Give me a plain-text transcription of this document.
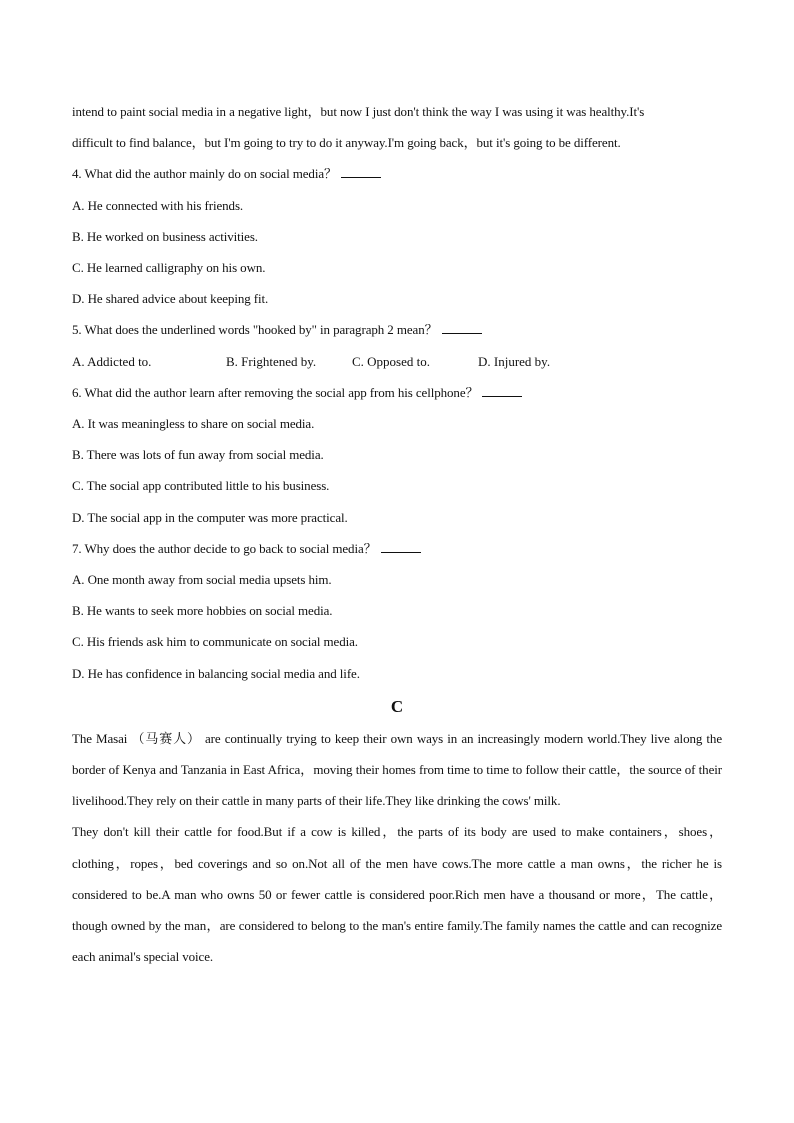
intend to paint social media in a negative light，but now I just don't think the way I was using it was healthy.It's
difficult to find balance，but I'm going to try to do it anyway.I'm going back，but it's going to be different.
4. What did the author mainly do on social media？
A. He connected with his friends.
B. He worked on business activities.
C. He learned calligraphy on his own.
D. He shared advice about keeping fit.
5. What does the underlined words "hooked by" in paragraph 2 mean？
A. Addicted to.	B. Frightened by.	C. Opposed to.	D. Injured by.
6. What did the author learn after removing the social app from his cellphone？
A. It was meaningless to share on social media.
B. There was lots of fun away from social media.
C. The social app contributed little to his business.
D. The social app in the computer was more practical.
7. Why does the author decide to go back to social media？
A. One month away from social media upsets him.
B. He wants to seek more hobbies on social media.
C. His friends ask him to communicate on social media.
D. He has confidence in balancing social media and life.
C
The Masai （马赛人） are continually trying to keep their own ways in an increasingly modern world.They live along the border of Kenya and Tanzania in East Africa，moving their homes from time to time to follow their cattle，the source of their livelihood.They rely on their cattle in many parts of their life.They like drinking the cows' milk.
They don't kill their cattle for food.But if a cow is killed，the parts of its body are used to make containers，shoes，clothing，ropes，bed coverings and so on.Not all of the men have cows.The more cattle a man owns，the richer he is considered to be.A man who owns 50 or fewer cattle is considered poor.Rich men have a thousand or more，The cattle，though owned by the man，are considered to belong to the man's entire family.The family names the cattle and can recognize each animal's special voice.
